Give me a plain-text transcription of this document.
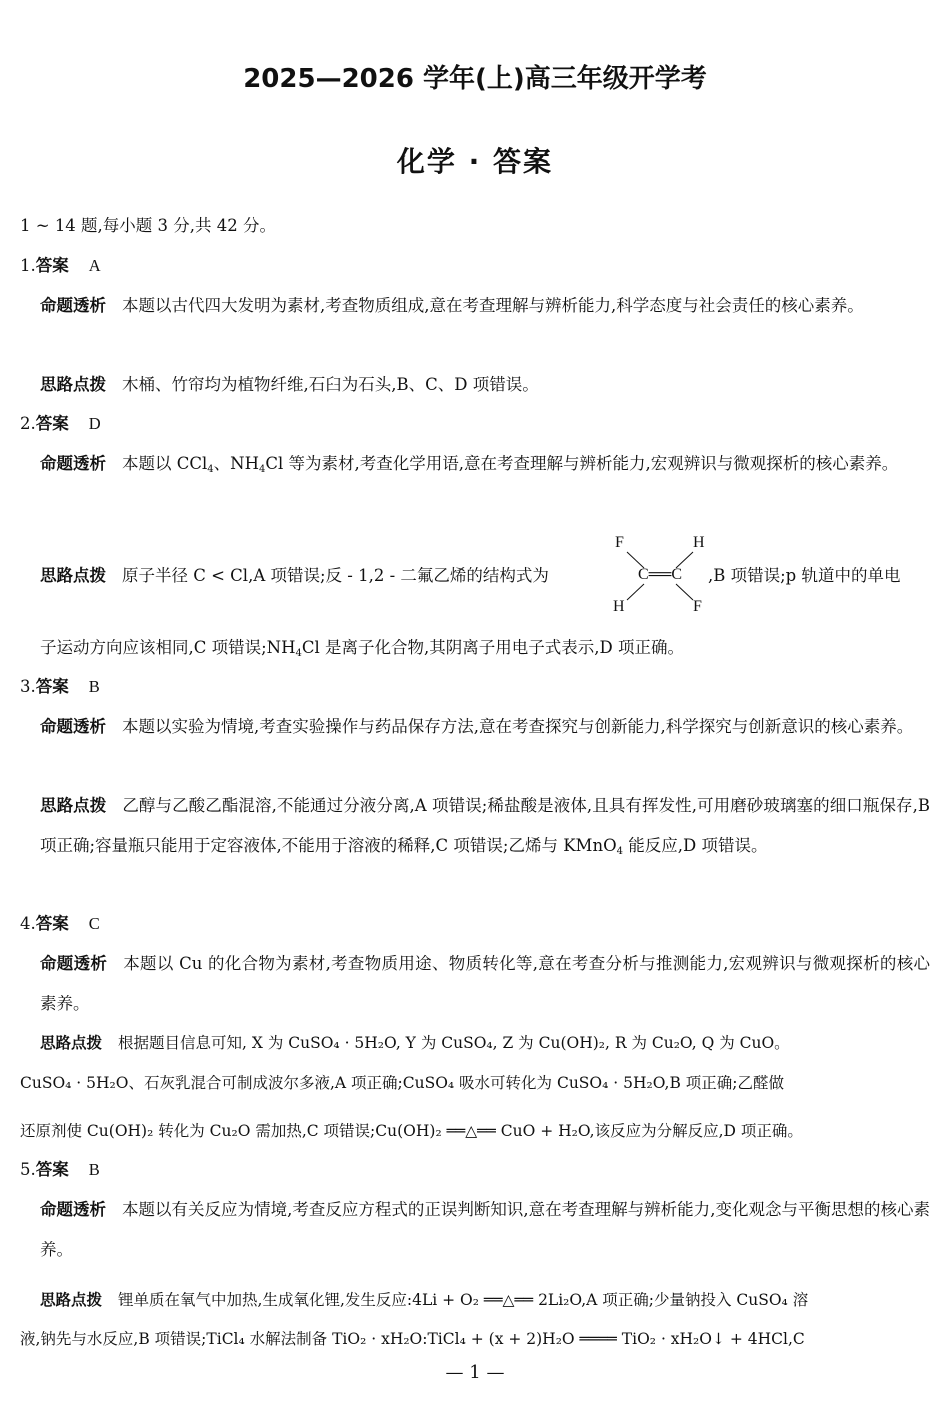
2025—2026 学年(上)高三年级开学考
化学 · 答案
1 ~ 14 题,每小题 3 分,共 42 分。
1.答案 A
命题透析 本题以古代四大发明为素材,考查物质组成,意在考查理解与辨析能力,科学态度与社会责任的核心素养。
思路点拨 木桶、竹帘均为植物纤维,石臼为石头,B、C、D 项错误。
2.答案 D
命题透析 本题以 CCl$_4$、$NH_4Cl$ 等为素材,考查化学用语,意在考查理解与辨析能力,宏观辨识与微观探析的核心素养。
思路点拨 原子半径 C < Cl,A 项错误;反 - 1,2 - 二氟乙烯的结构式为	,B 项错误;p 轨道中的单电
F	H
C══C
H	F
子运动方向应该相同,C 项错误$;NH_4Cl$ 是离子化合物,其阴离子用电子式表示,D 项正确。
3.答案 B
命题透析 本题以实验为情境,考查实验操作与药品保存方法,意在考查探究与创新能力,科学探究与创新意识的核心素养。
思路点拨 乙醇与乙酸乙酯混溶,不能通过分液分离,A 项错误;稀盐酸是液体,且具有挥发性,可用磨砂玻璃塞的细口瓶保存,B 项正确;容量瓶只能用于定容液体,不能用于溶液的稀释,C 项错误;乙烯与 KMnO$_4$ 能反应,D 项错误。
4.答案 C
命题透析 本题以 Cu 的化合物为素材,考查物质用途、物质转化等,意在考查分析与推测能力,宏观辨识与微观探析的核心素养。
思路点拨 根据题目信息可知, X 为 CuSO₄ · 5H₂O, Y 为 CuSO₄, Z 为 Cu(OH)₂, R 为 Cu₂O, Q 为 CuO。
CuSO₄ · 5H₂O、石灰乳混合可制成波尔多液,A 项正确;CuSO₄ 吸水可转化为 CuSO₄ · 5H₂O,B 项正确;乙醛做
还原剂使 Cu(OH)₂ 转化为 Cu₂O 需加热,C 项错误;Cu(OH)₂ ══△══ CuO + H₂O,该反应为分解反应,D 项正确。
5.答案 B
命题透析 本题以有关反应为情境,考查反应方程式的正误判断知识,意在考查理解与辨析能力,变化观念与平衡思想的核心素养。
思路点拨 锂单质在氧气中加热,生成氧化锂,发生反应:4Li + O₂ ══△══ 2Li₂O,A 项正确;少量钠投入 CuSO₄ 溶
液,钠先与水反应,B 项错误;TiCl₄ 水解法制备 TiO₂ · xH₂O:TiCl₄ + (x + 2)H₂O ════ TiO₂ · xH₂O↓ + 4HCl,C
— 1 —
